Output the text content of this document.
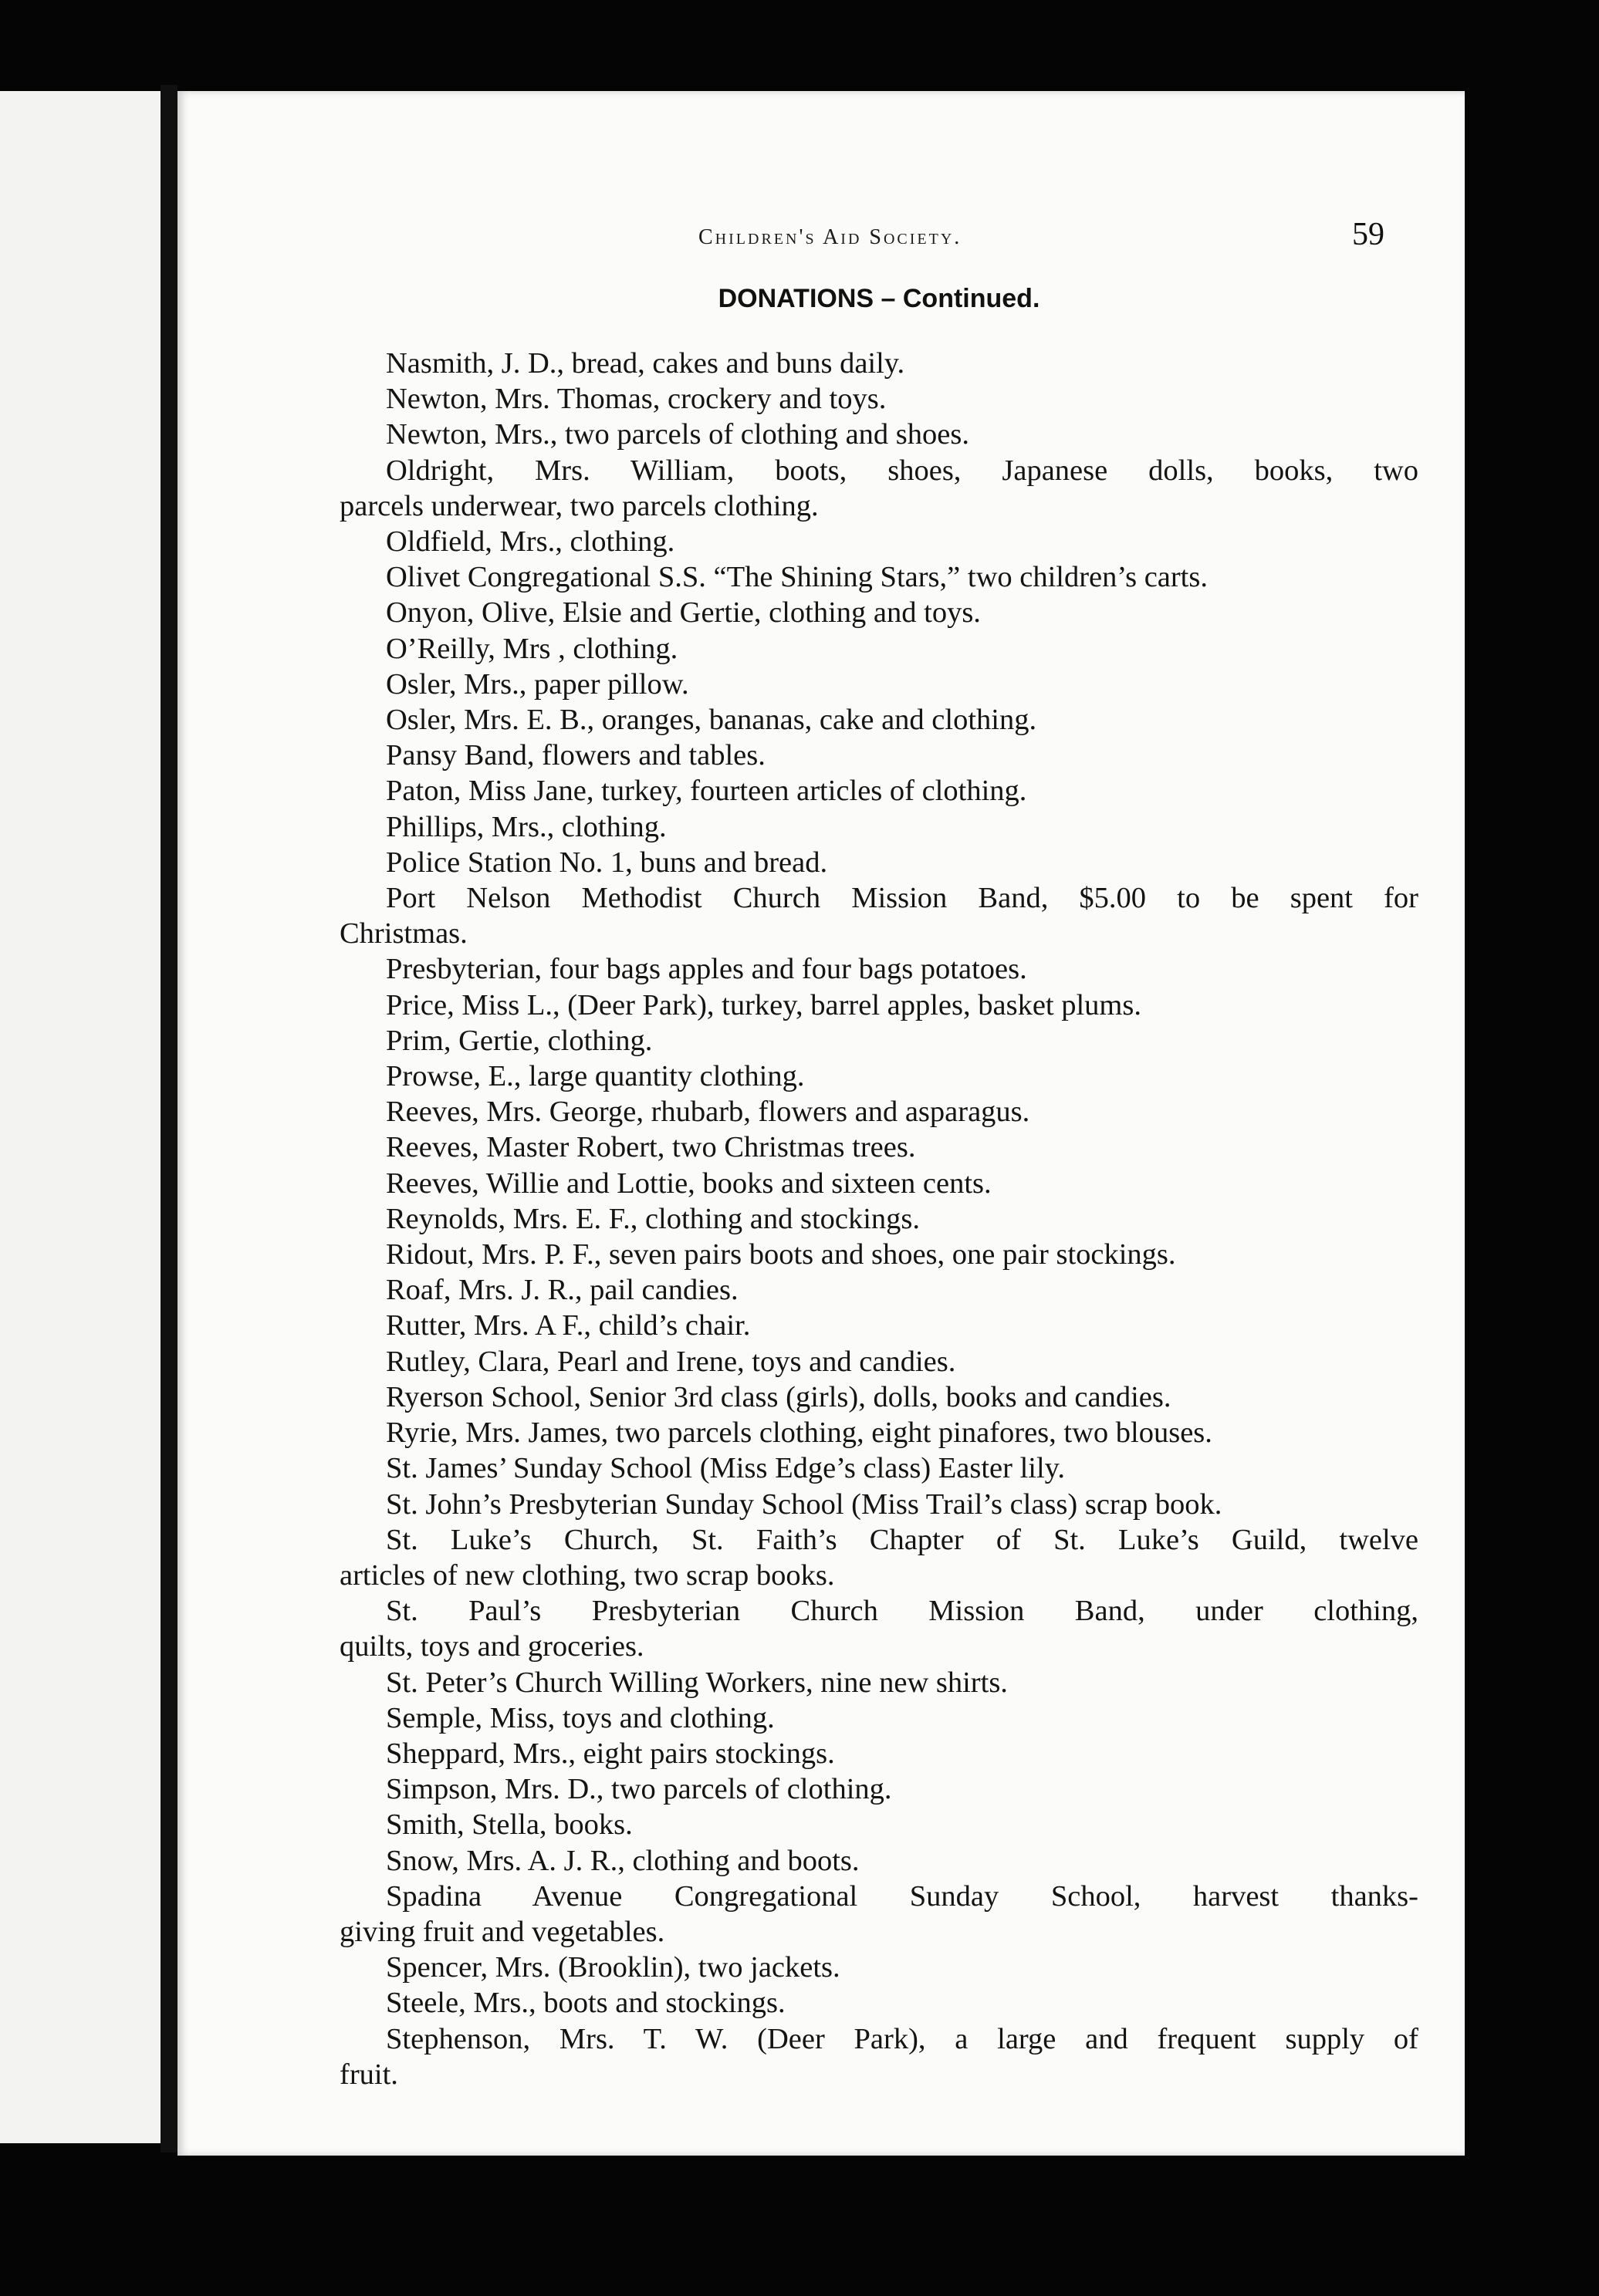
Children's Aid Society.	59
DONATIONS – Continued.
Nasmith, J. D., bread, cakes and buns daily.
Newton, Mrs. Thomas, crockery and toys.
Newton, Mrs., two parcels of clothing and shoes.
Oldright, Mrs. William, boots, shoes, Japanese dolls, books, two
parcels underwear, two parcels clothing.
Oldfield, Mrs., clothing.
Olivet Congregational S.S. “The Shining Stars,” two children’s carts.
Onyon, Olive, Elsie and Gertie, clothing and toys.
O’Reilly, Mrs , clothing.
Osler, Mrs., paper pillow.
Osler, Mrs. E. B., oranges, bananas, cake and clothing.
Pansy Band, flowers and tables.
Paton, Miss Jane, turkey, fourteen articles of clothing.
Phillips, Mrs., clothing.
Police Station No. 1, buns and bread.
Port Nelson Methodist Church Mission Band, $5.00 to be spent for
Christmas.
Presbyterian, four bags apples and four bags potatoes.
Price, Miss L., (Deer Park), turkey, barrel apples, basket plums.
Prim, Gertie, clothing.
Prowse, E., large quantity clothing.
Reeves, Mrs. George, rhubarb, flowers and asparagus.
Reeves, Master Robert, two Christmas trees.
Reeves, Willie and Lottie, books and sixteen cents.
Reynolds, Mrs. E. F., clothing and stockings.
Ridout, Mrs. P. F., seven pairs boots and shoes, one pair stockings.
Roaf, Mrs. J. R., pail candies.
Rutter, Mrs. A F., child’s chair.
Rutley, Clara, Pearl and Irene, toys and candies.
Ryerson School, Senior 3rd class (girls), dolls, books and candies.
Ryrie, Mrs. James, two parcels clothing, eight pinafores, two blouses.
St. James’ Sunday School (Miss Edge’s class) Easter lily.
St. John’s Presbyterian Sunday School (Miss Trail’s class) scrap book.
St. Luke’s Church, St. Faith’s Chapter of St. Luke’s Guild, twelve
articles of new clothing, two scrap books.
St. Paul’s Presbyterian Church Mission Band, under clothing,
quilts, toys and groceries.
St. Peter’s Church Willing Workers, nine new shirts.
Semple, Miss, toys and clothing.
Sheppard, Mrs., eight pairs stockings.
Simpson, Mrs. D., two parcels of clothing.
Smith, Stella, books.
Snow, Mrs. A. J. R., clothing and boots.
Spadina Avenue Congregational Sunday School, harvest thanks-
giving fruit and vegetables.
Spencer, Mrs. (Brooklin), two jackets.
Steele, Mrs., boots and stockings.
Stephenson, Mrs. T. W. (Deer Park), a large and frequent supply of
fruit.
